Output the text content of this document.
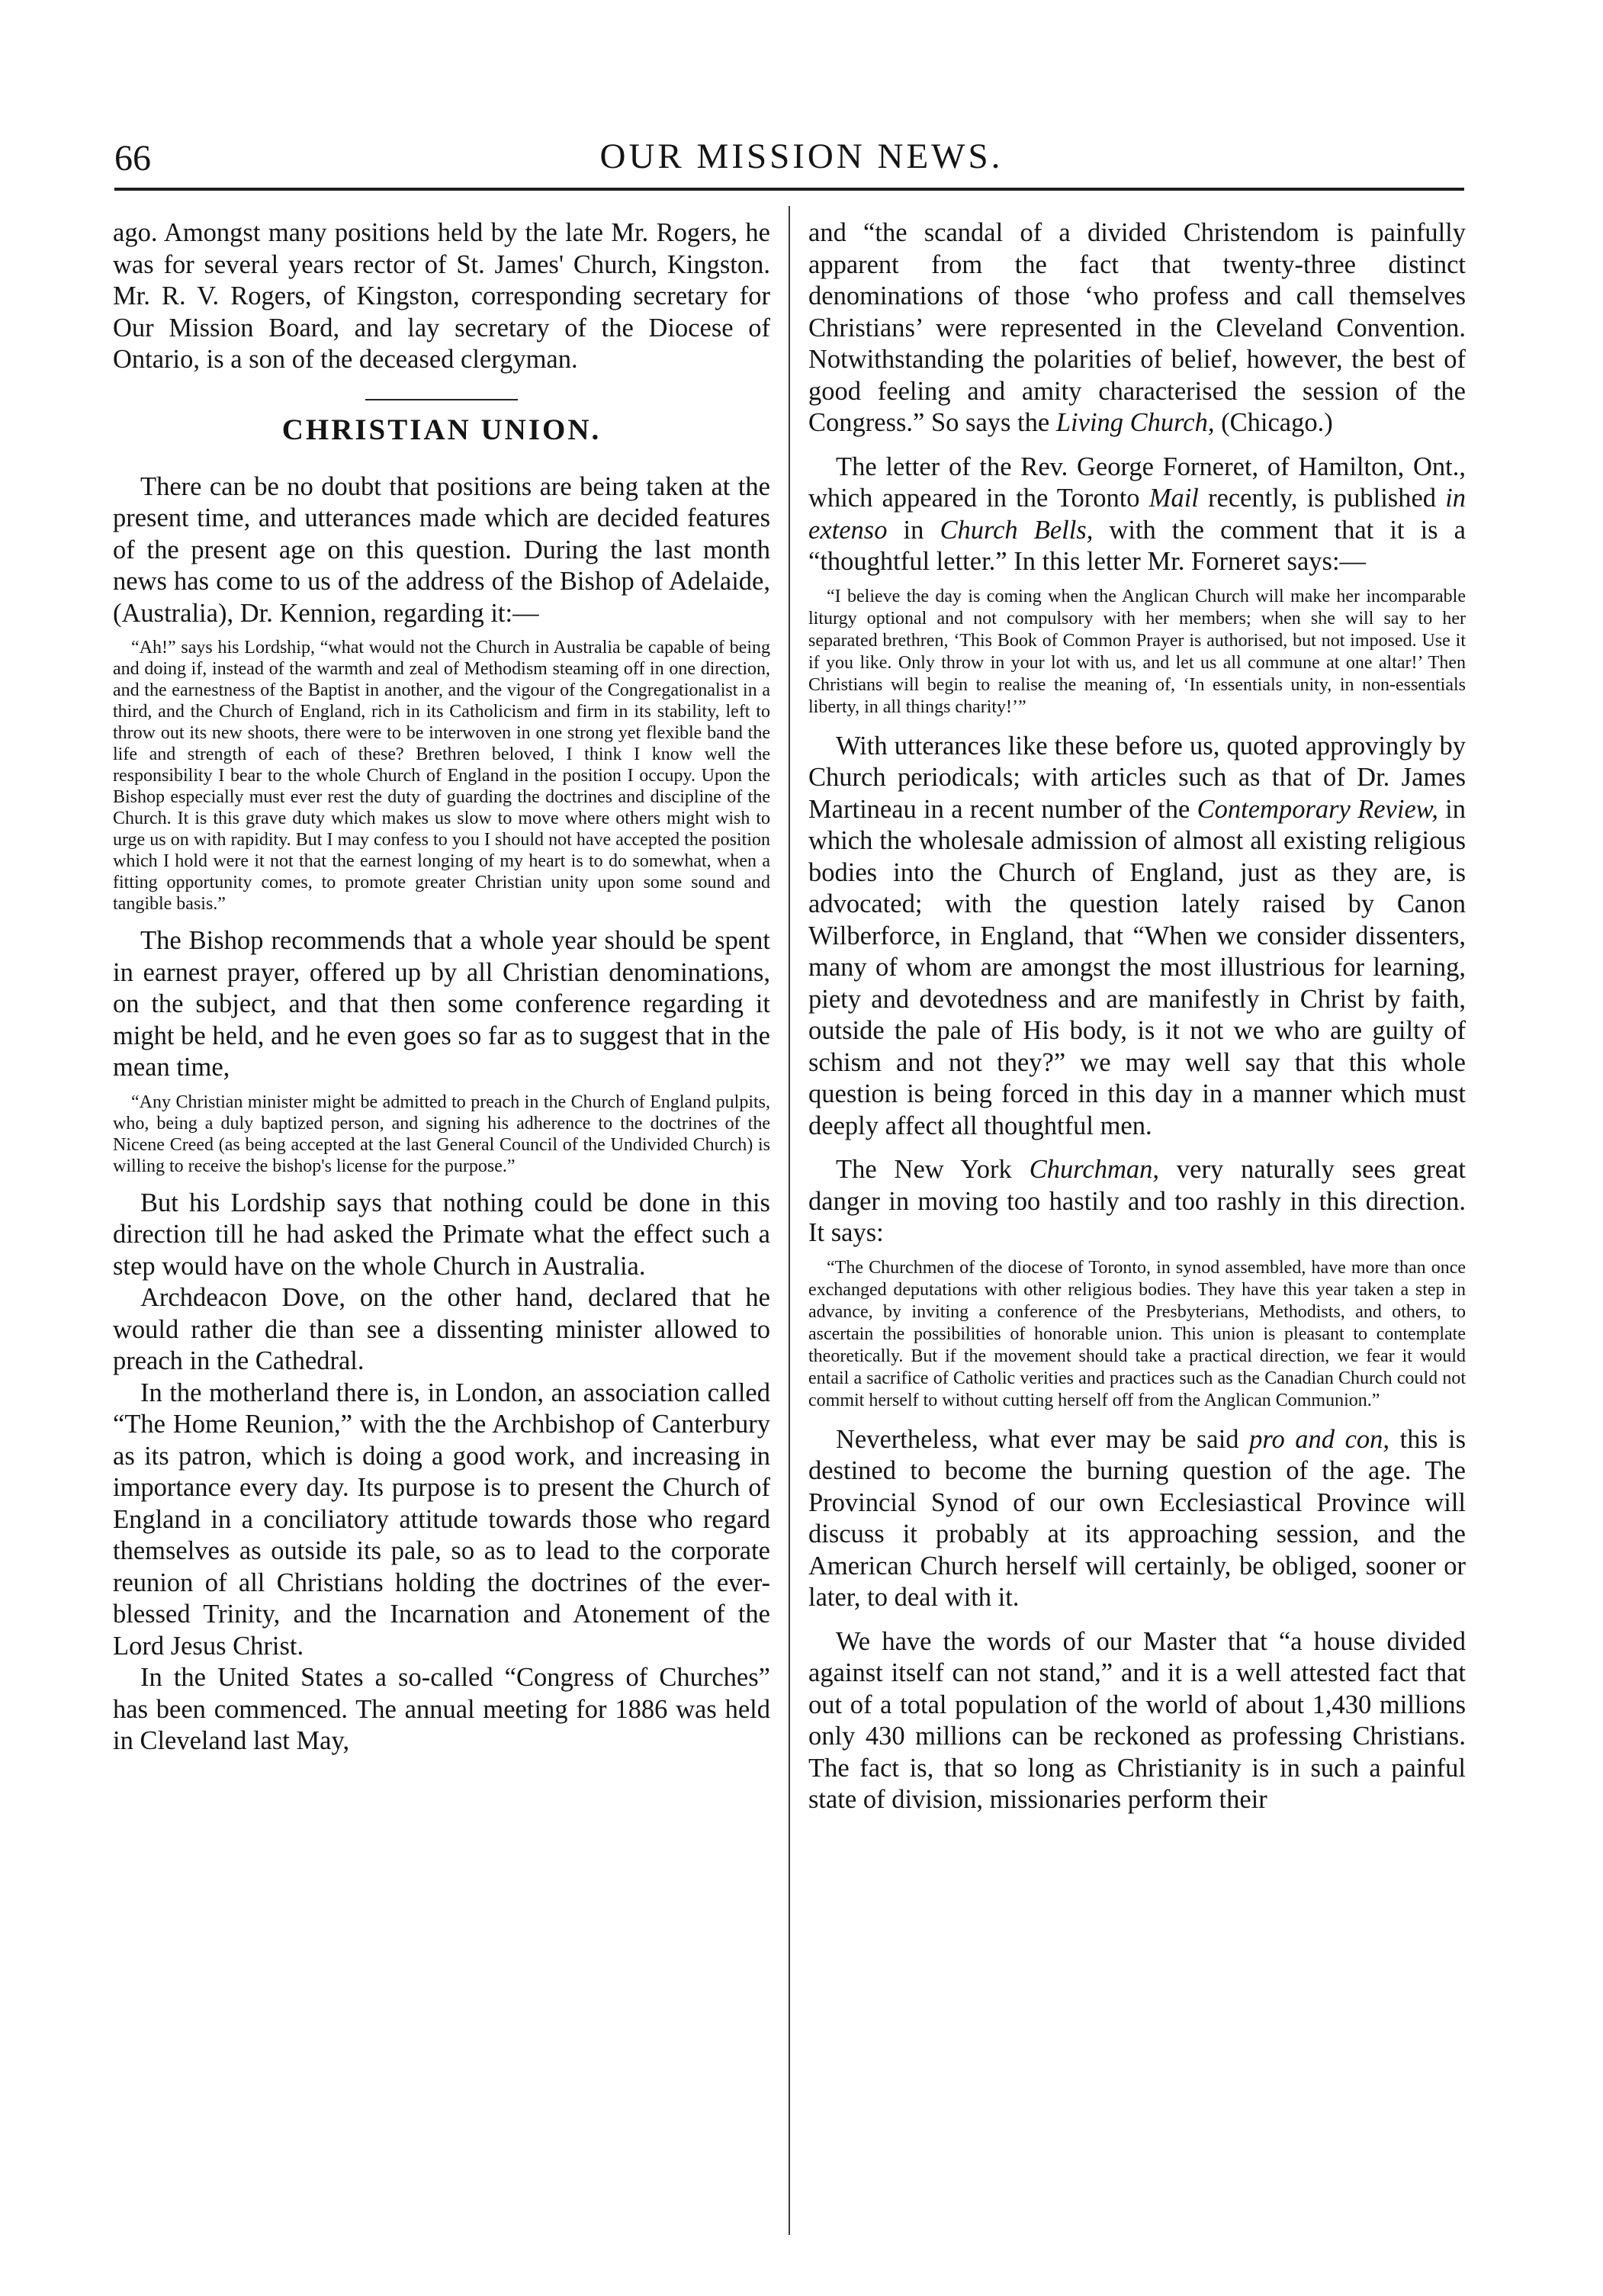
66	OUR MISSION NEWS.

ago. Amongst many positions held by the late Mr. Rogers, he was for several years rector of St. James' Church, Kingston. Mr. R. V. Rogers, of Kingston, corresponding secretary for Our Mission Board, and lay secretary of the Diocese of Ontario, is a son of the deceased clergyman.

CHRISTIAN UNION.

There can be no doubt that positions are being taken at the present time, and utterances made which are decided features of the present age on this question. During the last month news has come to us of the address of the Bishop of Adelaide, (Australia), Dr. Kennion, regarding it:—

“Ah!” says his Lordship, “what would not the Church in Australia be capable of being and doing if, instead of the warmth and zeal of Methodism steaming off in one direction, and the earnestness of the Baptist in another, and the vigour of the Congregationalist in a third, and the Church of England, rich in its Catholicism and firm in its stability, left to throw out its new shoots, there were to be interwoven in one strong yet flexible band the life and strength of each of these? Brethren beloved, I think I know well the responsibility I bear to the whole Church of England in the position I occupy. Upon the Bishop especially must ever rest the duty of guarding the doctrines and discipline of the Church. It is this grave duty which makes us slow to move where others might wish to urge us on with rapidity. But I may confess to you I should not have accepted the position which I hold were it not that the earnest longing of my heart is to do somewhat, when a fitting opportunity comes, to promote greater Christian unity upon some sound and tangible basis.”

The Bishop recommends that a whole year should be spent in earnest prayer, offered up by all Christian denominations, on the subject, and that then some conference regarding it might be held, and he even goes so far as to suggest that in the mean time,

“Any Christian minister might be admitted to preach in the Church of England pulpits, who, being a duly baptized person, and signing his adherence to the doctrines of the Nicene Creed (as being accepted at the last General Council of the Undivided Church) is willing to receive the bishop's license for the purpose.”

But his Lordship says that nothing could be done in this direction till he had asked the Primate what the effect such a step would have on the whole Church in Australia.

Archdeacon Dove, on the other hand, declared that he would rather die than see a dissenting minister allowed to preach in the Cathedral.

In the motherland there is, in London, an association called “The Home Reunion,” with the the Archbishop of Canterbury as its patron, which is doing a good work, and increasing in importance every day. Its purpose is to present the Church of England in a conciliatory attitude towards those who regard themselves as outside its pale, so as to lead to the corporate reunion of all Christians holding the doctrines of the ever-blessed Trinity, and the Incarnation and Atonement of the Lord Jesus Christ.

In the United States a so-called “Congress of Churches” has been commenced. The annual meeting for 1886 was held in Cleveland last May,

and “the scandal of a divided Christendom is painfully apparent from the fact that twenty-three distinct denominations of those ‘who profess and call themselves Christians’ were represented in the Cleveland Convention. Notwithstanding the polarities of belief, however, the best of good feeling and amity characterised the session of the Congress.” So says the Living Church, (Chicago.)

The letter of the Rev. George Forneret, of Hamilton, Ont., which appeared in the Toronto Mail recently, is published in extenso in Church Bells, with the comment that it is a “thoughtful letter.” In this letter Mr. Forneret says:—

“I believe the day is coming when the Anglican Church will make her incomparable liturgy optional and not compulsory with her members; when she will say to her separated brethren, ‘This Book of Common Prayer is authorised, but not imposed. Use it if you like. Only throw in your lot with us, and let us all commune at one altar!’ Then Christians will begin to realise the meaning of, ‘In essentials unity, in non-essentials liberty, in all things charity!’”

With utterances like these before us, quoted approvingly by Church periodicals; with articles such as that of Dr. James Martineau in a recent number of the Contemporary Review, in which the wholesale admission of almost all existing religious bodies into the Church of England, just as they are, is advocated; with the question lately raised by Canon Wilberforce, in England, that “When we consider dissenters, many of whom are amongst the most illustrious for learning, piety and devotedness and are manifestly in Christ by faith, outside the pale of His body, is it not we who are guilty of schism and not they?” we may well say that this whole question is being forced in this day in a manner which must deeply affect all thoughtful men.

The New York Churchman, very naturally sees great danger in moving too hastily and too rashly in this direction. It says:

“The Churchmen of the diocese of Toronto, in synod assembled, have more than once exchanged deputations with other religious bodies. They have this year taken a step in advance, by inviting a conference of the Presbyterians, Methodists, and others, to ascertain the possibilities of honorable union. This union is pleasant to contemplate theoretically. But if the movement should take a practical direction, we fear it would entail a sacrifice of Catholic verities and practices such as the Canadian Church could not commit herself to without cutting herself off from the Anglican Communion.”

Nevertheless, what ever may be said pro and con, this is destined to become the burning question of the age. The Provincial Synod of our own Ecclesiastical Province will discuss it probably at its approaching session, and the American Church herself will certainly, be obliged, sooner or later, to deal with it.

We have the words of our Master that “a house divided against itself can not stand,” and it is a well attested fact that out of a total population of the world of about 1,430 millions only 430 millions can be reckoned as professing Christians. The fact is, that so long as Christianity is in such a painful state of division, missionaries perform their
